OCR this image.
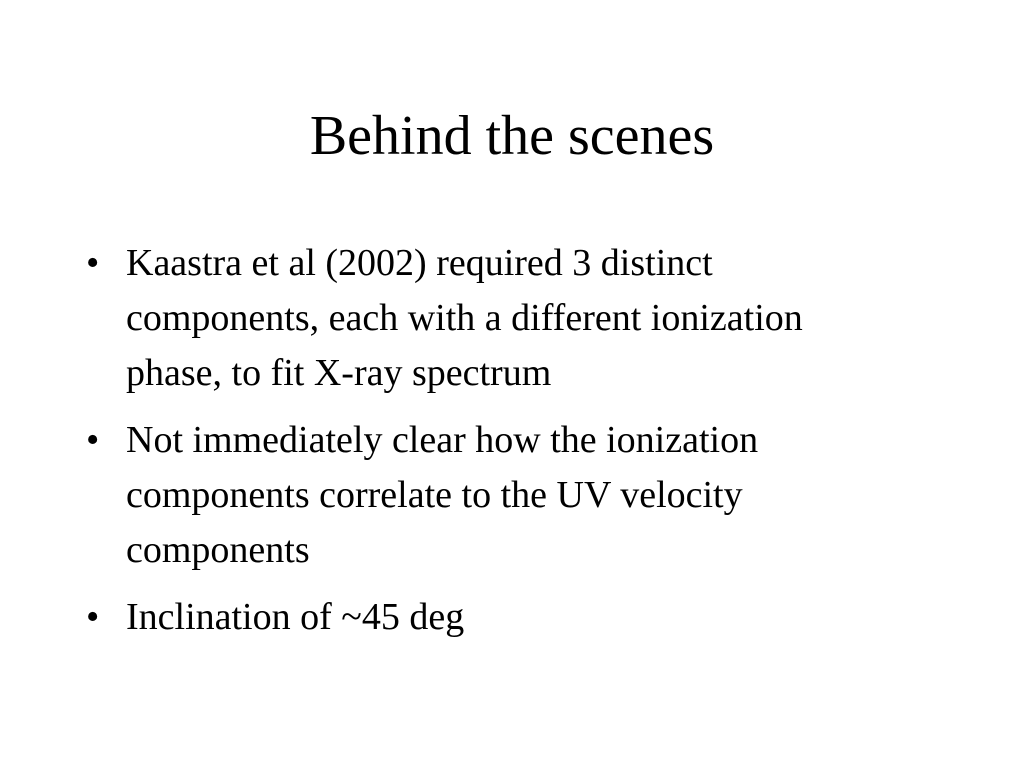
Behind the scenes
• Kaastra et al (2002) required 3 distinct
components, each with a different ionization
phase, to fit X-ray spectrum
• Not immediately clear how the ionization
components correlate to the UV velocity
components
• Inclination of ~45 deg
